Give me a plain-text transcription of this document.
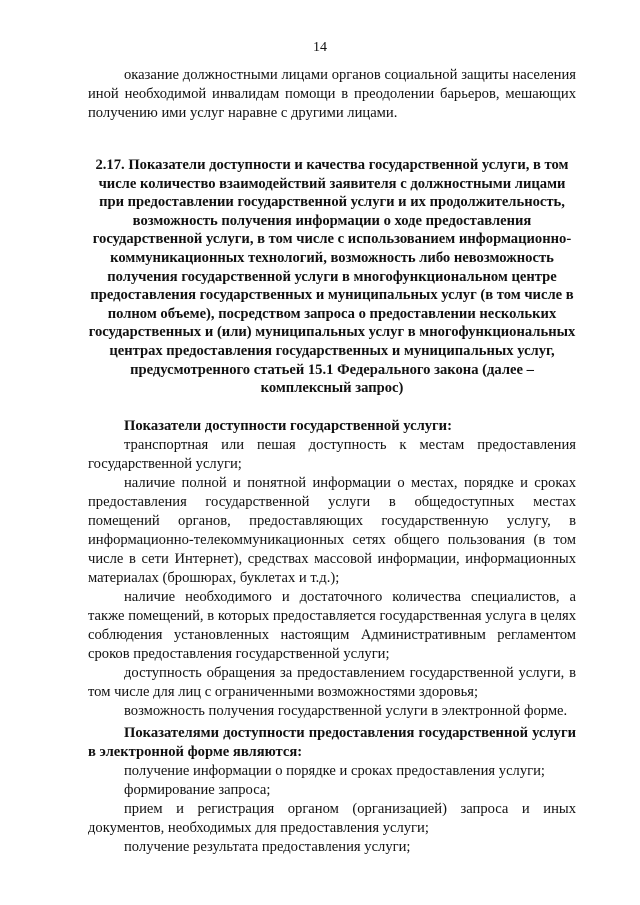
14

оказание должностными лицами органов социальной защиты населения иной необходимой инвалидам помощи в преодолении барьеров, мешающих получению ими услуг наравне с другими лицами.

2.17. Показатели доступности и качества государственной услуги, в том числе количество взаимодействий заявителя с должностными лицами при предоставлении государственной услуги и их продолжительность, возможность получения информации о ходе предоставления государственной услуги, в том числе с использованием информационно-коммуникационных технологий, возможность либо невозможность получения государственной услуги в многофункциональном центре предоставления государственных и муниципальных услуг (в том числе в полном объеме), посредством запроса о предоставлении нескольких государственных и (или) муниципальных услуг в многофункциональных центрах предоставления государственных и муниципальных услуг, предусмотренного статьей 15.1 Федерального закона (далее – комплексный запрос)

Показатели доступности государственной услуги:

транспортная или пешая доступность к местам предоставления государственной услуги;

наличие полной и понятной информации о местах, порядке и сроках предоставления государственной услуги в общедоступных местах помещений органов, предоставляющих государственную услугу, в информационно-телекоммуникационных сетях общего пользования (в том числе в сети Интернет), средствах массовой информации, информационных материалах (брошюрах, буклетах и т.д.);

наличие необходимого и достаточного количества специалистов, а также помещений, в которых предоставляется государственная услуга в целях соблюдения установленных настоящим Административным регламентом сроков предоставления государственной услуги;

доступность обращения за предоставлением государственной услуги, в том числе для лиц с ограниченными возможностями здоровья;

возможность получения государственной услуги в электронной форме.

Показателями доступности предоставления государственной услуги в электронной форме являются:

получение информации о порядке и сроках предоставления услуги;

формирование запроса;

прием и регистрация органом (организацией) запроса и иных документов, необходимых для предоставления услуги;

получение результата предоставления услуги;
